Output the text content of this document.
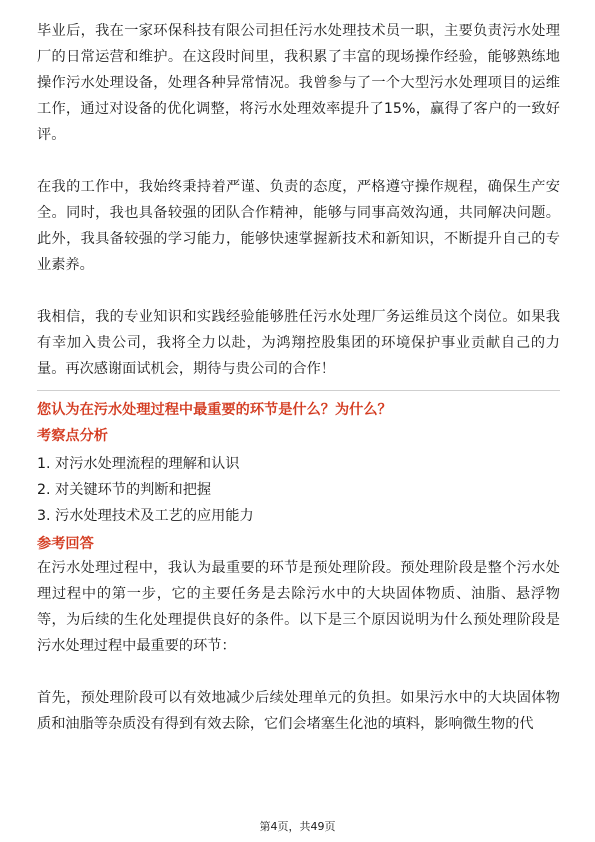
毕业后，我在一家环保科技有限公司担任污水处理技术员一职，主要负责污水处理厂的日常运营和维护。在这段时间里，我积累了丰富的现场操作经验，能够熟练地操作污水处理设备，处理各种异常情况。我曾参与了一个大型污水处理项目的运维工作，通过对设备的优化调整，将污水处理效率提升了15%，赢得了客户的一致好评。

在我的工作中，我始终秉持着严谨、负责的态度，严格遵守操作规程，确保生产安全。同时，我也具备较强的团队合作精神，能够与同事高效沟通，共同解决问题。此外，我具备较强的学习能力，能够快速掌握新技术和新知识，不断提升自己的专业素养。

我相信，我的专业知识和实践经验能够胜任污水处理厂务运维员这个岗位。如果我有幸加入贵公司，我将全力以赴，为鸿翔控股集团的环境保护事业贡献自己的力量。再次感谢面试机会，期待与贵公司的合作！

您认为在污水处理过程中最重要的环节是什么？为什么？

考察点分析

1. 对污水处理流程的理解和认识
2. 对关键环节的判断和把握
3. 污水处理技术及工艺的应用能力

参考回答

在污水处理过程中，我认为最重要的环节是预处理阶段。预处理阶段是整个污水处理过程中的第一步，它的主要任务是去除污水中的大块固体物质、油脂、悬浮物等，为后续的生化处理提供良好的条件。以下是三个原因说明为什么预处理阶段是污水处理过程中最重要的环节：

首先，预处理阶段可以有效地减少后续处理单元的负担。如果污水中的大块固体物质和油脂等杂质没有得到有效去除，它们会堵塞生化池的填料，影响微生物的代

第4页，共49页
